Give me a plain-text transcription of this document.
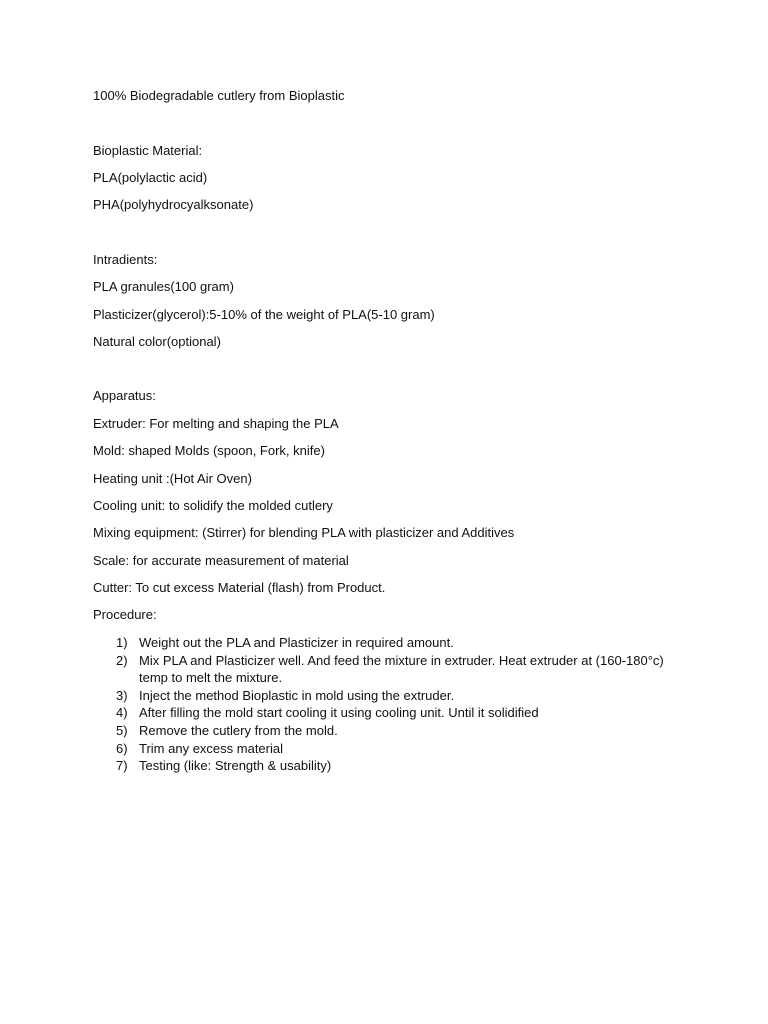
100% Biodegradable cutlery from Bioplastic
Bioplastic Material:
PLA(polylactic acid)
PHA(polyhydrocyalksonate)
Intradients:
PLA granules(100 gram)
Plasticizer(glycerol):5-10% of the weight of PLA(5-10 gram)
Natural color(optional)
Apparatus:
Extruder: For melting and shaping the PLA
Mold: shaped Molds (spoon, Fork, knife)
Heating unit :(Hot Air Oven)
Cooling unit: to solidify the molded cutlery
Mixing equipment: (Stirrer) for blending PLA with plasticizer and Additives
Scale: for accurate measurement of material
Cutter: To cut excess Material (flash) from Product.
Procedure:
1) Weight out the PLA and Plasticizer in required amount.
2) Mix PLA and Plasticizer well. And feed the mixture in extruder. Heat extruder at (160-180°c) temp to melt the mixture.
3) Inject the method Bioplastic in mold using the extruder.
4) After filling the mold start cooling it using cooling unit. Until it solidified
5) Remove the cutlery from the mold.
6) Trim any excess material
7) Testing (like: Strength & usability)
